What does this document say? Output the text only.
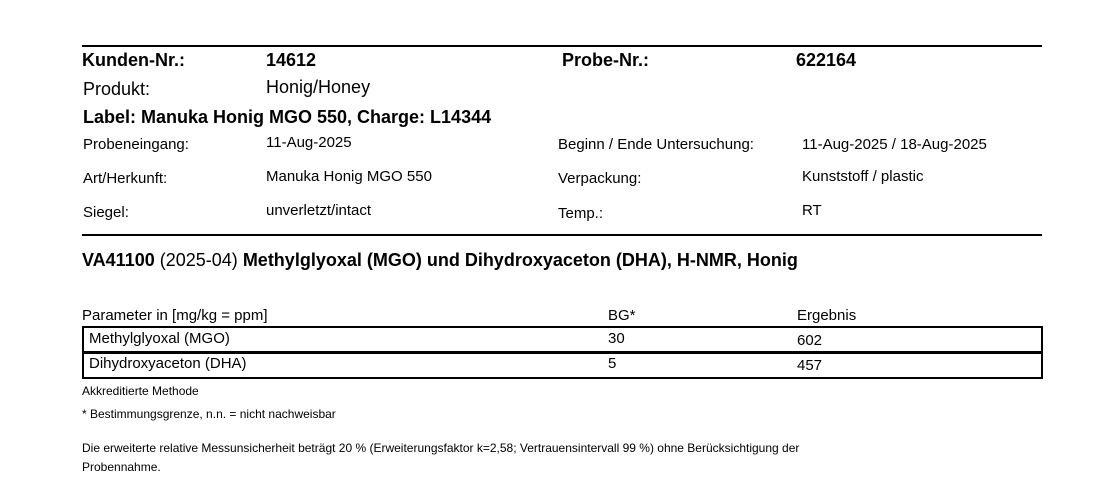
Kunden-Nr.:	14612	Probe-Nr.:	622164
Produkt:	Honig/Honey
Label: Manuka Honig MGO 550, Charge: L14344
Probeneingang:	11-Aug-2025	Beginn / Ende Untersuchung:	11-Aug-2025 / 18-Aug-2025
Art/Herkunft:	Manuka Honig MGO 550	Verpackung:	Kunststoff / plastic
Siegel:	unverletzt/intact	Temp.:	RT
VA41100 (2025-04) Methylglyoxal (MGO) und Dihydroxyaceton (DHA), H-NMR, Honig
Parameter in [mg/kg = ppm]	BG*	Ergebnis
Methylglyoxal (MGO)	30	602
Dihydroxyaceton (DHA)	5	457
Akkreditierte Methode
* Bestimmungsgrenze, n.n. = nicht nachweisbar
Die erweiterte relative Messunsicherheit beträgt 20 % (Erweiterungsfaktor k=2,58; Vertrauensintervall 99 %) ohne Berücksichtigung der
Probennahme.
